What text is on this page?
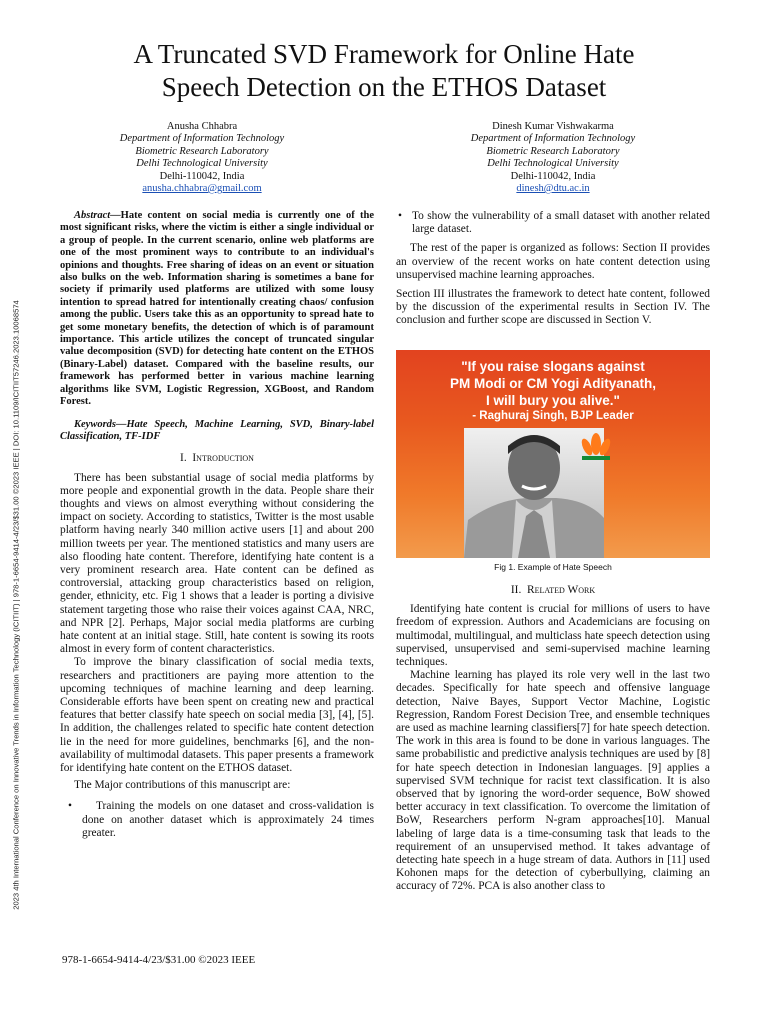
2023 4th International Conference on Innovative Trends in Information Technology (ICITIIT) | 978-1-6654-9414-4/23/$31.00 ©2023 IEEE | DOI: 10.1109/ICITIIT57246.2023.10068574
A Truncated SVD Framework for Online Hate
Speech Detection on the ETHOS Dataset
Anusha Chhabra
Department of Information Technology
Biometric Research Laboratory
Delhi Technological University
Delhi-110042, India
anusha.chhabra@gmail.com
Dinesh Kumar Vishwakarma
Department of Information Technology
Biometric Research Laboratory
Delhi Technological University
Delhi-110042, India
dinesh@dtu.ac.in

Abstract—Hate content on social media is currently one of the most significant risks, where the victim is either a single individual or a group of people. In the current scenario, online web platforms are one of the most prominent ways to contribute to an individual's opinions and thoughts. Free sharing of ideas on an event or situation also bulks on the web. Information sharing is sometimes a bane for society if primarily used platforms are utilized with some lousy intention to spread hatred for intentionally creating chaos/ confusion among the public. Users take this as an opportunity to spread hate to get some monetary benefits, the detection of which is of paramount importance. This article utilizes the concept of truncated singular value decomposition (SVD) for detecting hate content on the ETHOS (Binary-Label) dataset. Compared with the baseline results, our framework has performed better in various machine learning algorithms like SVM, Logistic Regression, XGBoost, and Random Forest.

Keywords—Hate Speech, Machine Learning, SVD, Binary-label Classification, TF-IDF

I. Introduction

There has been substantial usage of social media platforms by more people and exponential growth in the data. People share their thoughts and views on almost everything without considering the impact on society. According to statistics, Twitter is the most usable platform having nearly 340 million active users [1] and about 200 million tweets per year. The mentioned statistics and many users are also flooding hate content. Therefore, identifying hate content is a very prominent research area. Hate content can be defined as controversial, attacking group characteristics based on religion, gender, ethnicity, etc. Fig 1 shows that a leader is porting a divisive statement targeting those who raise their voices against CAA, NRC, and NPR [2]. Perhaps, Major social media platforms are curbing hate content at an initial stage. Still, hate content is sowing its roots almost in every form of content characteristics.

To improve the binary classification of social media texts, researchers and practitioners are paying more attention to the upcoming techniques of machine learning and deep learning. Considerable efforts have been spent on creating new and practical features that better classify hate speech on social media [3], [4], [5]. In addition, the challenges related to specific hate content detection lie in the need for more guidelines, benchmarks [6], and the non-availability of multimodal datasets. This paper presents a framework for identifying hate content on the ETHOS dataset.

The Major contributions of this manuscript are:

•	Training the models on one dataset and cross-validation is done on another dataset which is approximately 24 times greater.
• To show the vulnerability of a small dataset with another related large dataset.

The rest of the paper is organized as follows: Section II provides an overview of the recent works on hate content detection using unsupervised machine learning approaches.

Section III illustrates the framework to detect hate content, followed by the discussion of the experimental results in Section IV. The conclusion and further scope are discussed in Section V.

"If you raise slogans against
PM Modi or CM Yogi Adityanath,
I will bury you alive."
- Raghuraj Singh, BJP Leader
Fig 1. Example of Hate Speech
II. Related Work

Identifying hate content is crucial for millions of users to have freedom of expression. Authors and Academicians are focusing on multimodal, multilingual, and multiclass hate speech detection using supervised, unsupervised and semi-supervised machine learning techniques.

Machine learning has played its role very well in the last two decades. Specifically for hate speech and offensive language detection, Naive Bayes, Support Vector Machine, Logistic Regression, Random Forest Decision Tree, and ensemble techniques are used as machine learning classifiers[7] for hate speech detection. The work in this area is found to be done in various languages. The same probabilistic and predictive analysis techniques are used by [8] for hate speech detection in Indonesian languages. [9] applies a supervised SVM technique for racist text classification. It is also observed that by ignoring the word-order sequence, BoW showed better accuracy in text classification. To overcome the limitation of BoW, Researchers perform N-gram approaches[10]. Manual labeling of large data is a time-consuming task that leads to the requirement of an unsupervised method. It takes advantage of detecting hate speech in a huge stream of data. Authors in [11] used Kohonen maps for the detection of cyberbullying, claiming an accuracy of 72%. PCA is also another class to

978-1-6654-9414-4/23/$31.00 ©2023 IEEE
